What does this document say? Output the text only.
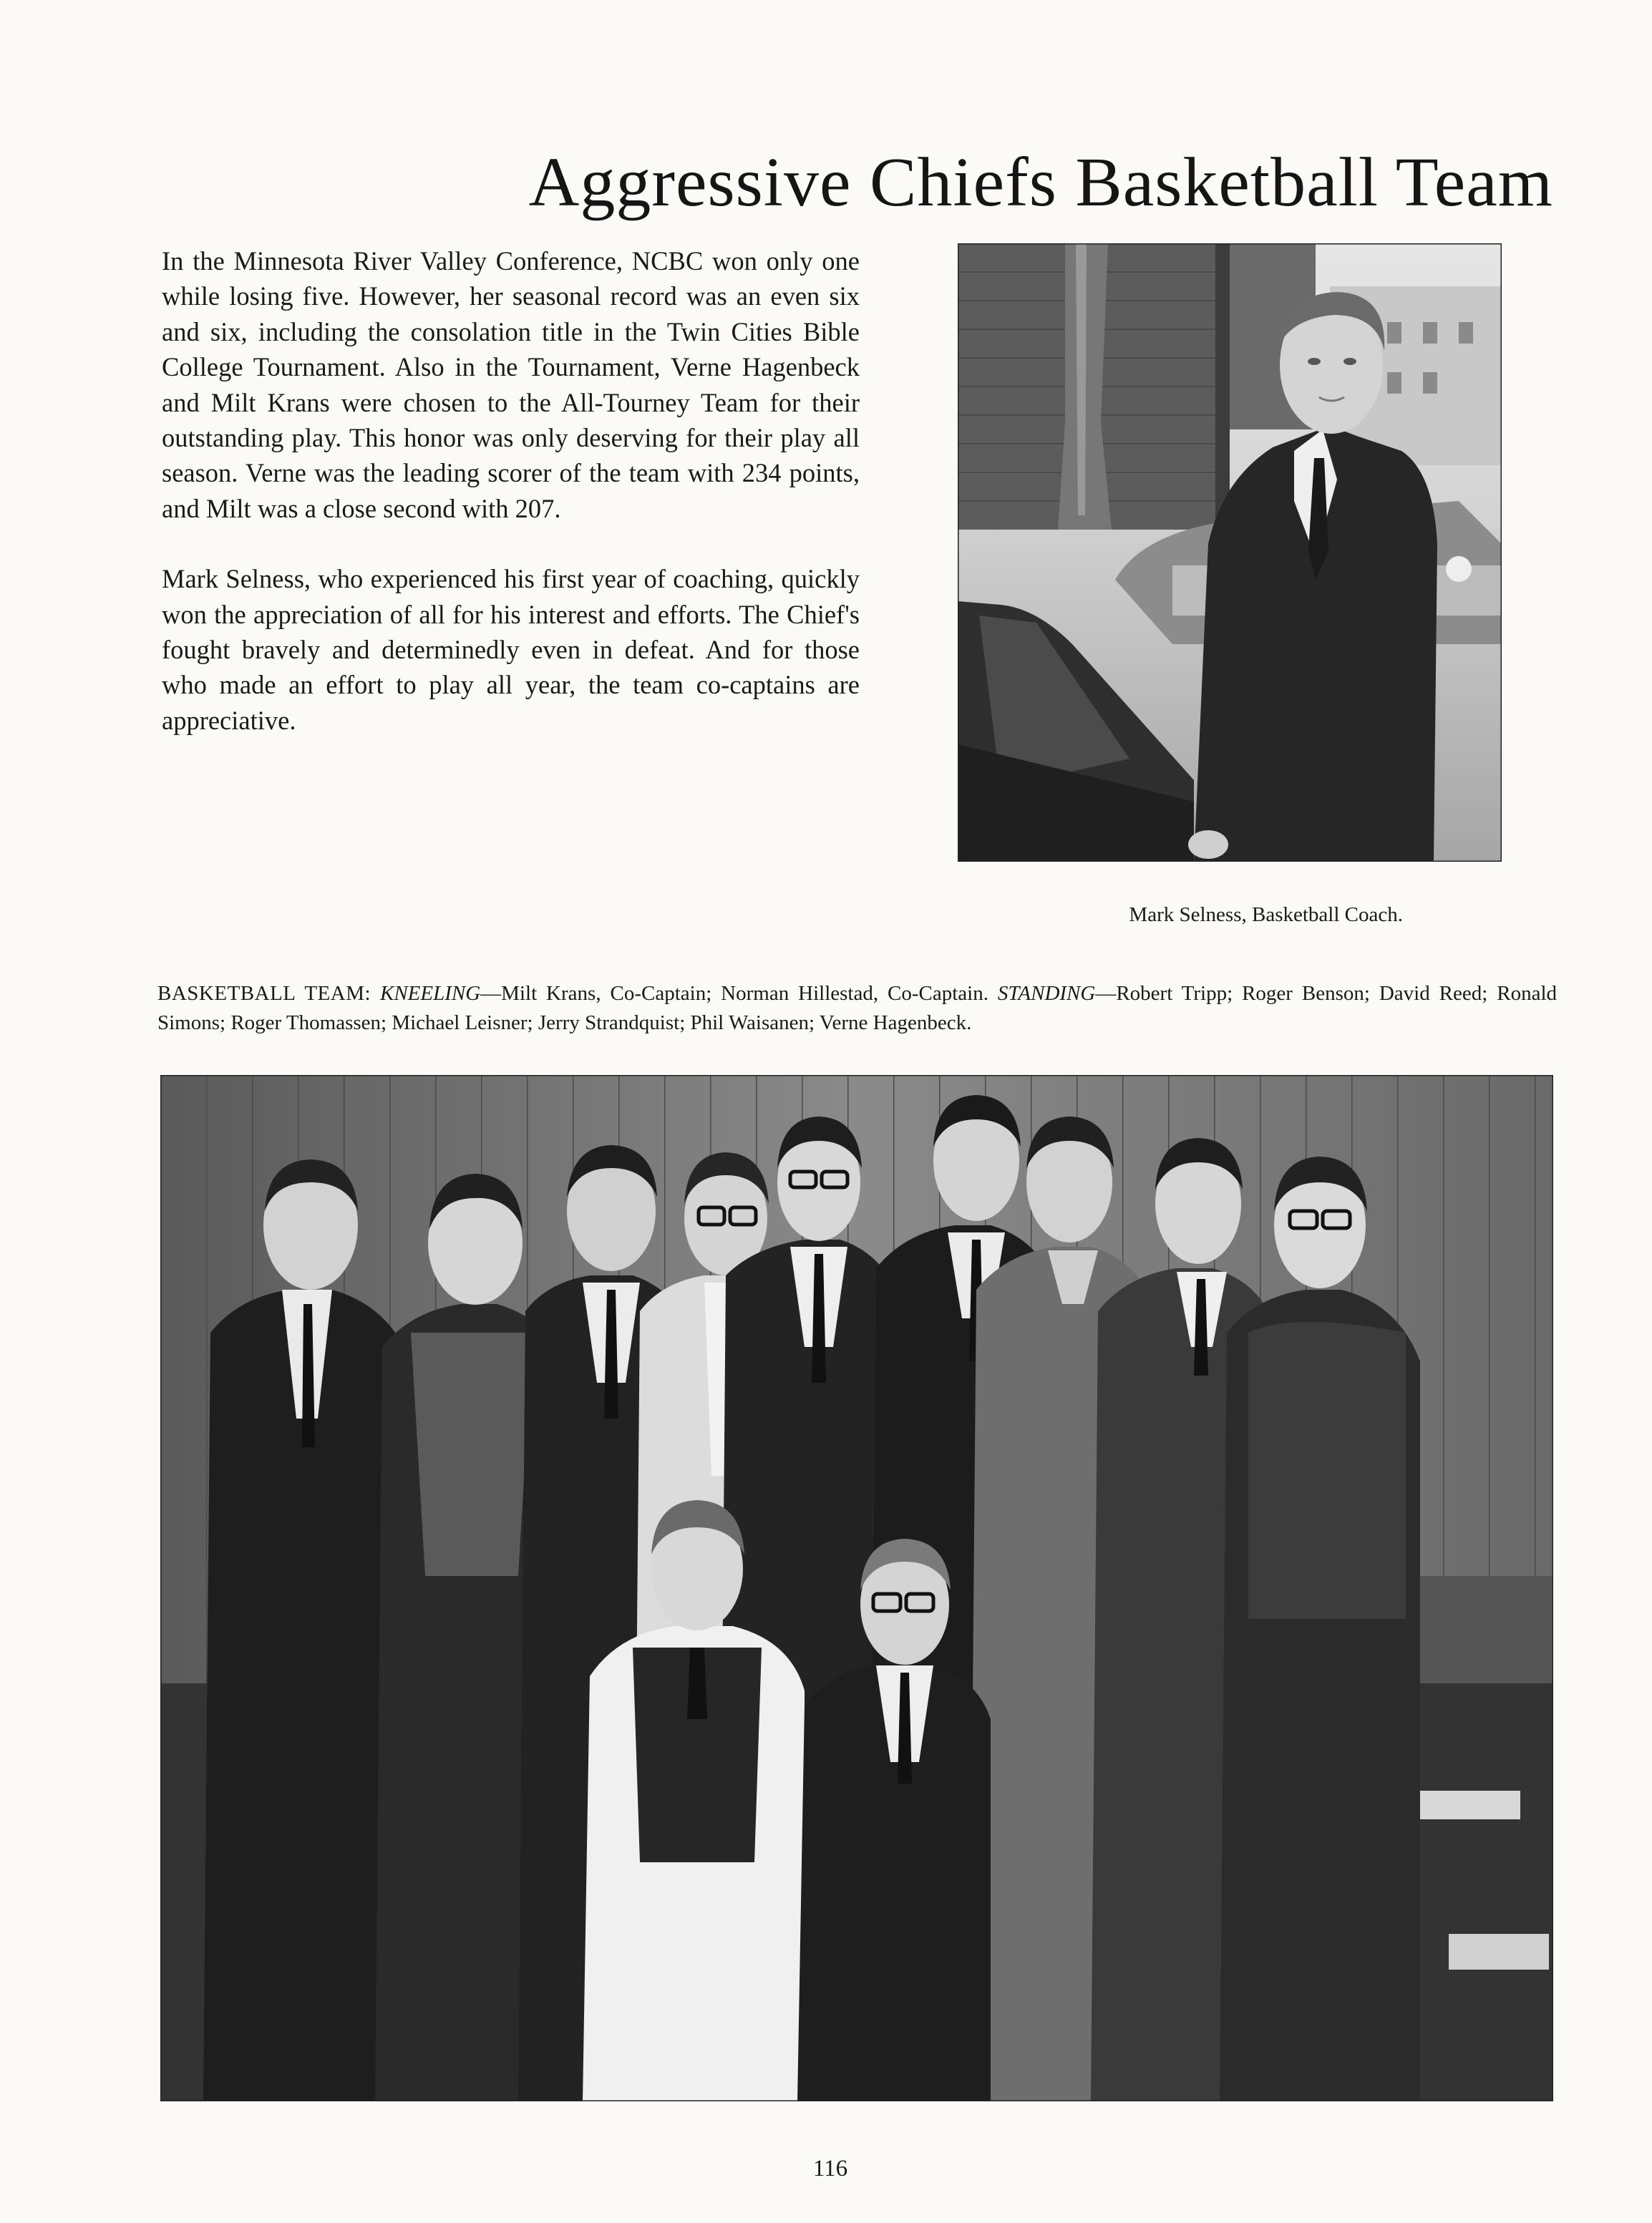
Aggressive Chiefs Basketball Team

In the Minnesota River Valley Conference, NCBC won only one while losing five. However, her seasonal record was an even six and six, including the consolation title in the Twin Cities Bible College Tournament. Also in the Tournament, Verne Hagenbeck and Milt Krans were chosen to the All-Tourney Team for their outstanding play. This honor was only deserving for their play all season. Verne was the leading scorer of the team with 234 points, and Milt was a close second with 207.

Mark Selness, who experienced his first year of coaching, quickly won the appreciation of all for his interest and efforts. The Chief's fought bravely and determinedly even in defeat. And for those who made an effort to play all year, the team co-captains are appreciative.

Mark Selness, Basketball Coach.
BASKETBALL TEAM: KNEELING—Milt Krans, Co-Captain; Norman Hillestad, Co-Captain. STANDING—Robert Tripp; Roger Benson; David Reed; Ronald Simons; Roger Thomassen; Michael Leisner; Jerry Strandquist; Phil Waisanen; Verne Hagenbeck.
116
